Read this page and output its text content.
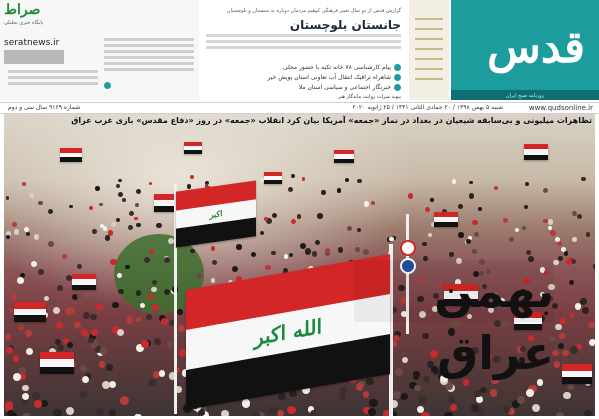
قدس
روزنامه صبح ایران
گزارش قدس از دو سال تغییر فرهنگی کوهیم مردمان دوباره به سیستان و بلوچستان
جانستان بلوچستان
پیام کارشناسی ۷۸ خانه تکیه با حضور محلی
شاهراه ترافیک انتقال آب تعاونی استان پویش خیر
خبرنگار اجتماعی و سیاسی استان ملا
پیوند میراث روایت ماندگار هنر
صراط
پایگاه خبری تحلیلی
seratnews.ir
www.qudsonline.ir
شنبه ۵ بهمن ۱۳۹۸ / ۲۰ جمادی الثانی ۱۴۴۱ / ۲۵ ژانویه ۲۰۲۰
شماره ۹۱۶۹ سال سی و دوم
اکبر
الله اکبر
تظاهرات میلیونی و بی‌سابقه شیعیان در بغداد در نماز «جمعه» آمریکا بیان کرد انقلاب «جمعه» در روز «دفاع مقدس» بازی غرب عراق
بهمن عراق
